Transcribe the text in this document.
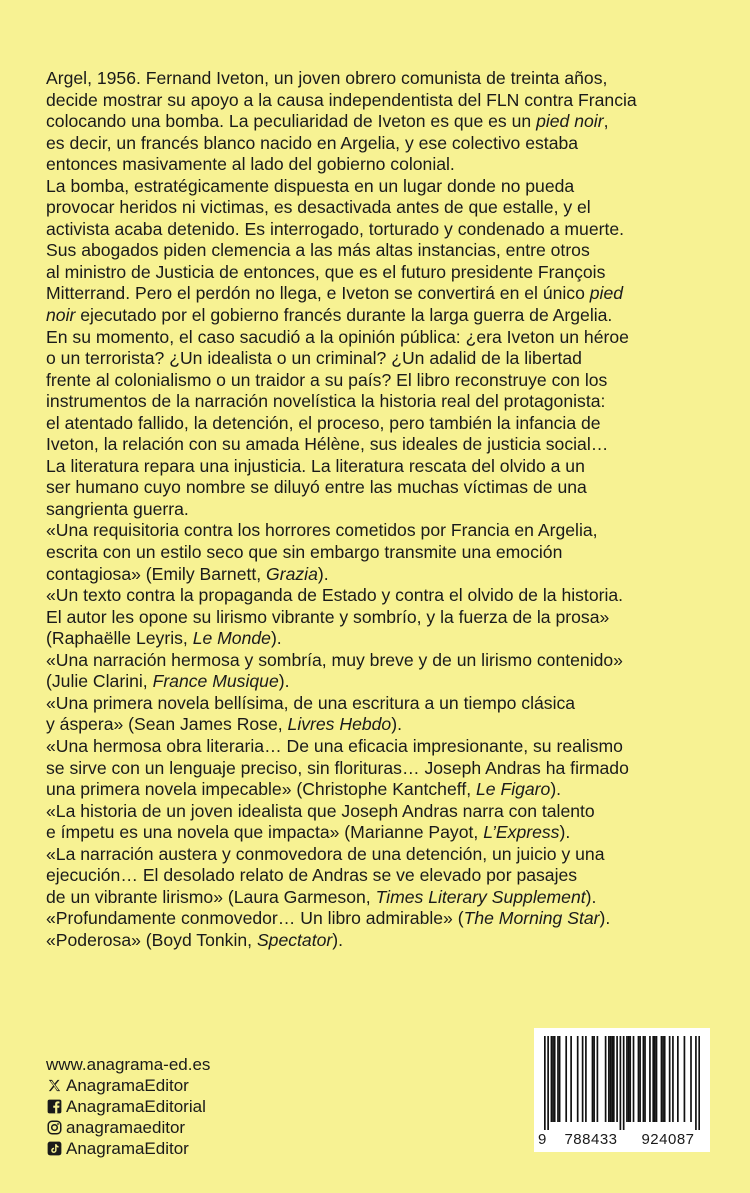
Argel, 1956. Fernand Iveton, un joven obrero comunista de treinta años,
decide mostrar su apoyo a la causa independentista del FLN contra Francia
colocando una bomba. La peculiaridad de Iveton es que es un pied noir,
es decir, un francés blanco nacido en Argelia, y ese colectivo estaba
entonces masivamente al lado del gobierno colonial.

La bomba, estratégicamente dispuesta en un lugar donde no pueda
provocar heridos ni victimas, es desactivada antes de que estalle, y el
activista acaba detenido. Es interrogado, torturado y condenado a muerte.
Sus abogados piden clemencia a las más altas instancias, entre otros
al ministro de Justicia de entonces, que es el futuro presidente François
Mitterrand. Pero el perdón no llega, e Iveton se convertirá en el único pied
noir ejecutado por el gobierno francés durante la larga guerra de Argelia.

En su momento, el caso sacudió a la opinión pública: ¿era Iveton un héroe
o un terrorista? ¿Un idealista o un criminal? ¿Un adalid de la libertad
frente al colonialismo o un traidor a su país? El libro reconstruye con los
instrumentos de la narración novelística la historia real del protagonista:
el atentado fallido, la detención, el proceso, pero también la infancia de
Iveton, la relación con su amada Hélène, sus ideales de justicia social…

La literatura repara una injusticia. La literatura rescata del olvido a un
ser humano cuyo nombre se diluyó entre las muchas víctimas de una
sangrienta guerra.

«Una requisitoria contra los horrores cometidos por Francia en Argelia,
escrita con un estilo seco que sin embargo transmite una emoción
contagiosa» (Emily Barnett, Grazia).

«Un texto contra la propaganda de Estado y contra el olvido de la historia.
El autor les opone su lirismo vibrante y sombrío, y la fuerza de la prosa»
(Raphaëlle Leyris, Le Monde).

«Una narración hermosa y sombría, muy breve y de un lirismo contenido»
(Julie Clarini, France Musique).

«Una primera novela bellísima, de una escritura a un tiempo clásica
y áspera» (Sean James Rose, Livres Hebdo).

«Una hermosa obra literaria… De una eficacia impresionante, su realismo
se sirve con un lenguaje preciso, sin florituras… Joseph Andras ha firmado
una primera novela impecable» (Christophe Kantcheff, Le Figaro).

«La historia de un joven idealista que Joseph Andras narra con talento
e ímpetu es una novela que impacta» (Marianne Payot, L’Express).

«La narración austera y conmovedora de una detención, un juicio y una
ejecución… El desolado relato de Andras se ve elevado por pasajes
de un vibrante lirismo» (Laura Garmeson, Times Literary Supplement).

«Profundamente conmovedor… Un libro admirable» (The Morning Star).

«Poderosa» (Boyd Tonkin, Spectator).

www.anagrama-ed.es
AnagramaEditor
AnagramaEditorial
anagramaeditor
AnagramaEditor	9	788433	924087
